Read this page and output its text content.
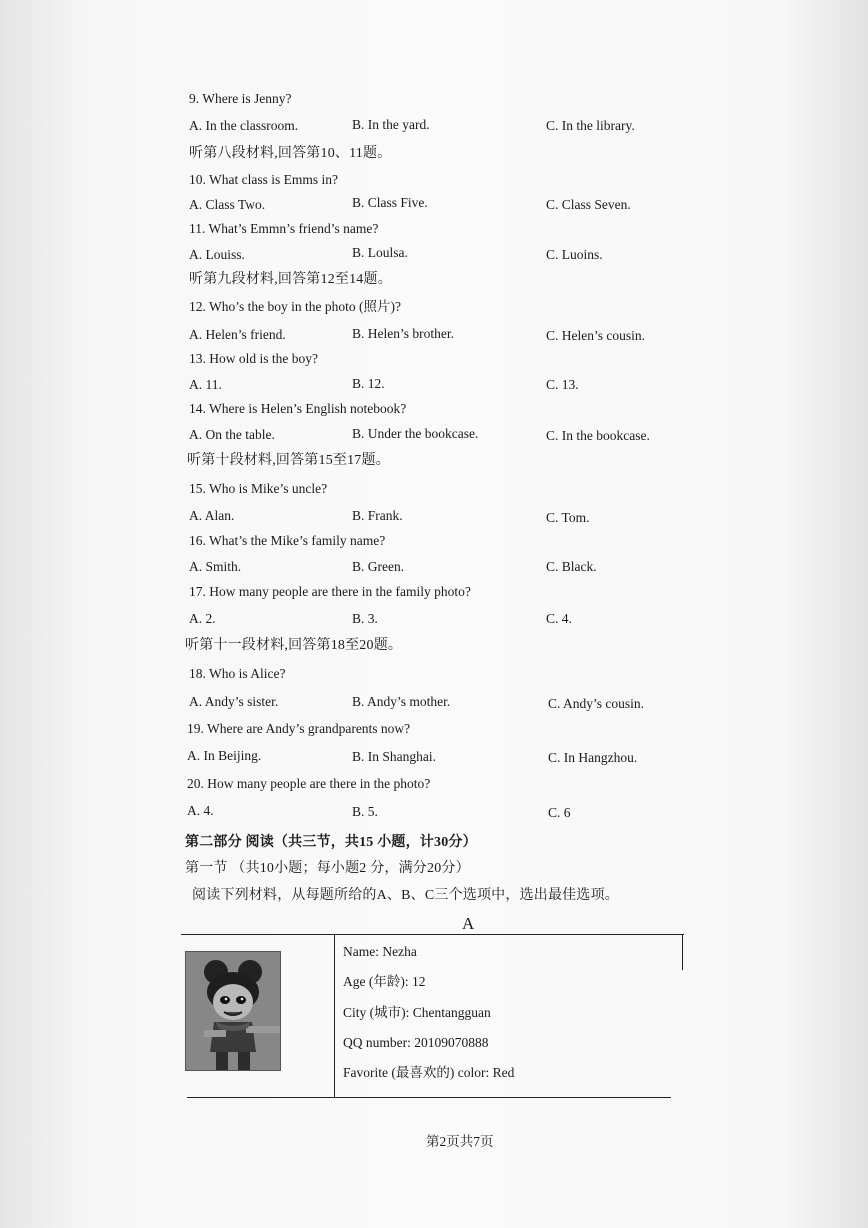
9. Where is Jenny?
A. In the classroom.	B. In the yard.	C. In the library.
听第八段材料,回答第10、11题。
10. What class is Emms in?
A. Class Two.	B. Class Five.	C. Class Seven.
11. What’s Emmn’s friend’s name?
A. Louiss.	B. Loulsa.	C. Luoins.
听第九段材料,回答第12至14题。
12. Who’s the boy in the photo (照片)?
A. Helen’s friend.	B. Helen’s brother.	C. Helen’s cousin.
13. How old is the boy?
A. 11.	B. 12.	C. 13.
14. Where is Helen’s English notebook?
A. On the table.	B. Under the bookcase.	C. In the bookcase.
听第十段材料,回答第15至17题。
15. Who is Mike’s uncle?
A. Alan.	B. Frank.	C. Tom.
16. What’s the Mike’s family name?
A. Smith.	B. Green.	C. Black.
17. How many people are there in the family photo?
A. 2.	B. 3.	C. 4.
听第十一段材料,回答第18至20题。
18. Who is Alice?
A. Andy’s sister.	B. Andy’s mother.	C. Andy’s cousin.
19. Where are Andy’s grandparents now?
A. In Beijing.	B. In Shanghai.	C. In Hangzhou.
20. How many people are there in the photo?
A. 4.	B. 5.	C. 6
第二部分 阅读（共三节，共15 小题，计30分）
第一节 （共10小题；每小题2 分，满分20分）
阅读下列材料，从每题所给的A、B、C三个选项中，选出最佳选项。
A
Name: Nezha
Age (年龄): 12
City (城市): Chentangguan
QQ number: 20109070888
Favorite (最喜欢的) color: Red
第2页共7页
